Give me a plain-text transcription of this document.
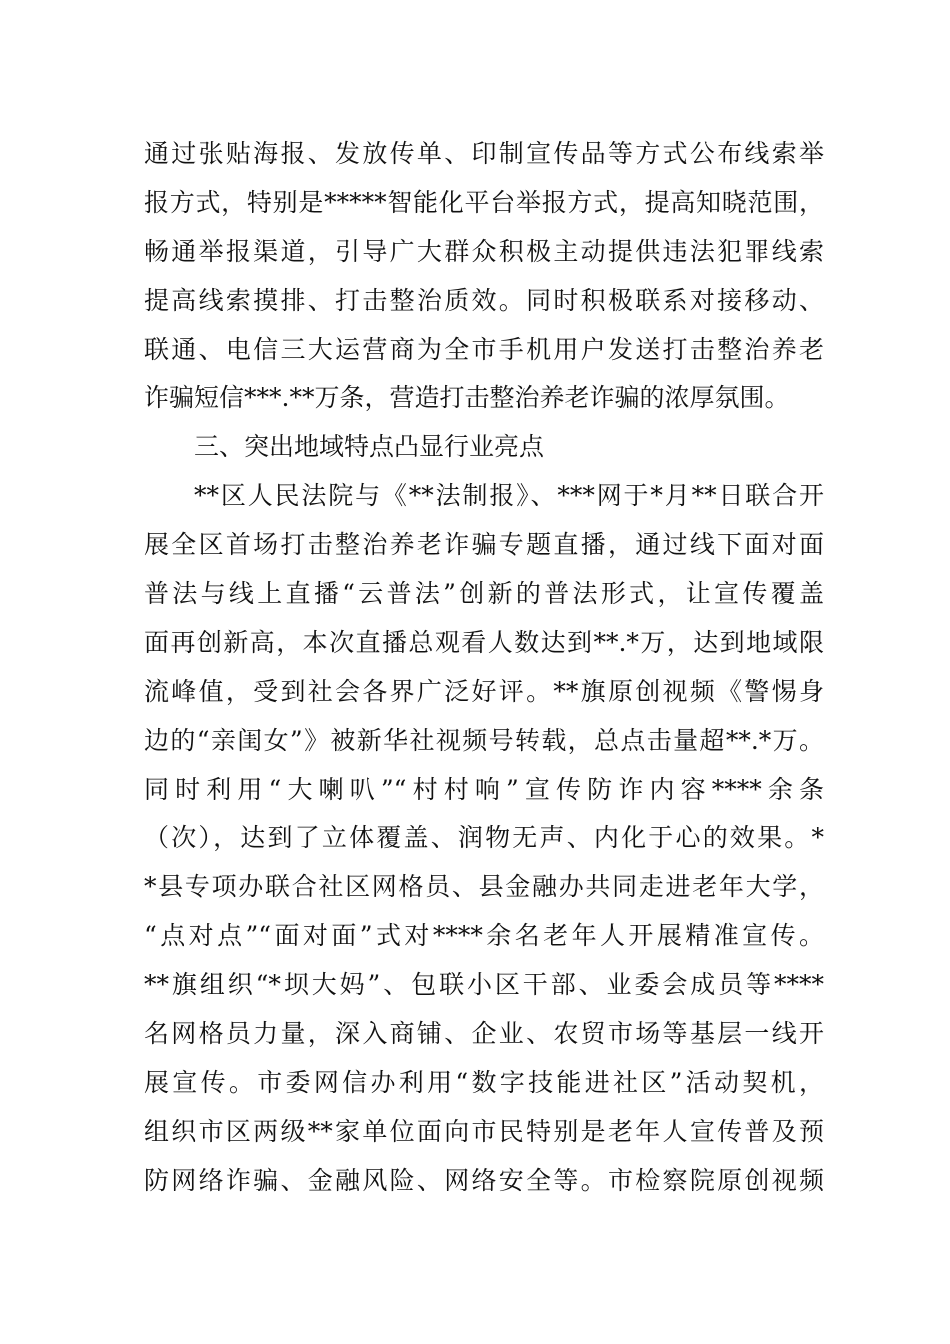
通过张贴海报、发放传单、印制宣传品等方式公布线索举
报方式，特别是*****智能化平台举报方式，提高知晓范围，
畅通举报渠道，引导广大群众积极主动提供违法犯罪线索
提高线索摸排、打击整治质效。同时积极联系对接移动、
联通、电信三大运营商为全市手机用户发送打击整治养老
诈骗短信***.**万条，营造打击整治养老诈骗的浓厚氛围。
三、突出地域特点凸显行业亮点
**区人民法院与《**法制报》、***网于*月**日联合开
展全区首场打击整治养老诈骗专题直播，通过线下面对面
普法与线上直播“云普法”创新的普法形式，让宣传覆盖
面再创新高，本次直播总观看人数达到**.*万，达到地域限
流峰值，受到社会各界广泛好评。**旗原创视频《警惕身
边的“亲闺女”》被新华社视频号转载，总点击量超**.*万。
同时利用“大喇叭”“村村响”宣传防诈内容****余条
（次），达到了立体覆盖、润物无声、内化于心的效果。*
*县专项办联合社区网格员、县金融办共同走进老年大学，
“点对点”“面对面”式对****余名老年人开展精准宣传。
**旗组织“*坝大妈”、包联小区干部、业委会成员等****
名网格员力量，深入商铺、企业、农贸市场等基层一线开
展宣传。市委网信办利用“数字技能进社区”活动契机，
组织市区两级**家单位面向市民特别是老年人宣传普及预
防网络诈骗、金融风险、网络安全等。市检察院原创视频
